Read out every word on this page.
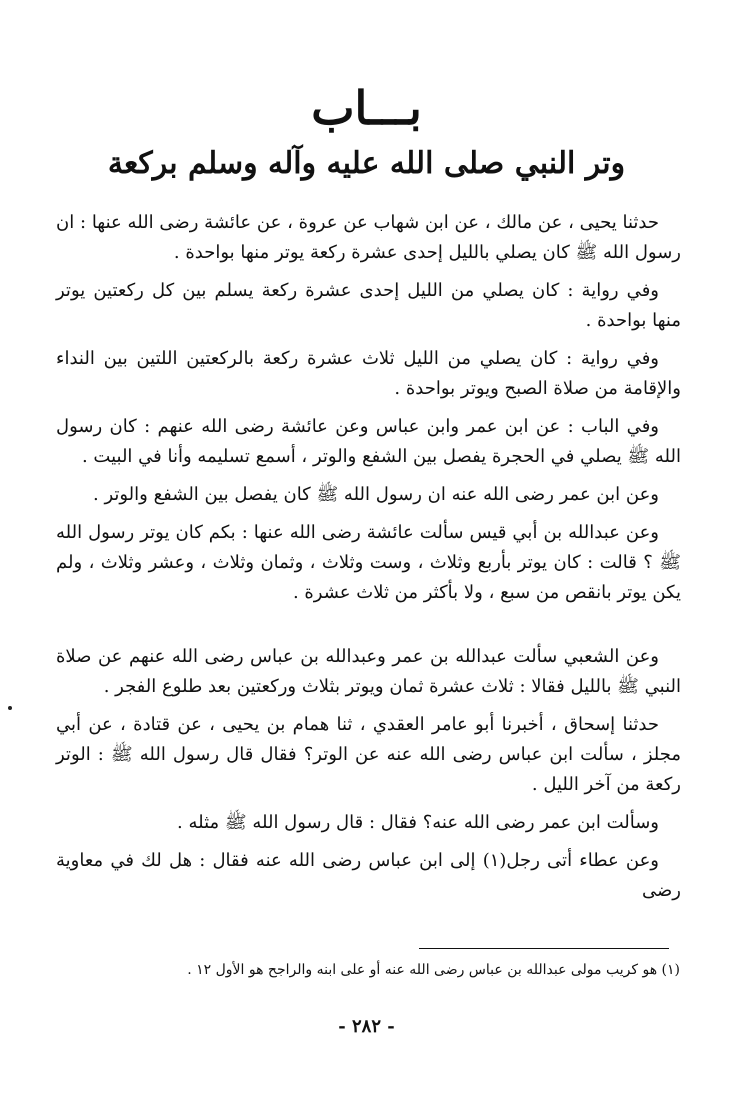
بـــاب
وتر النبي صلى الله عليه وآله وسلم بركعة

حدثنا يحيى ، عن مالك ، عن ابن شهاب عن عروة ، عن عائشة رضى الله عنها : ان رسول الله ﷺ كان يصلي بالليل إحدى عشرة ركعة يوتر منها بواحدة .

وفي رواية : كان يصلي من الليل إحدى عشرة ركعة يسلم بين كل ركعتين يوتر منها بواحدة .

وفي رواية : كان يصلي من الليل ثلاث عشرة ركعة بالركعتين اللتين بين النداء والإقامة من صلاة الصبح ويوتر بواحدة .

وفي الباب : عن ابن عمر وابن عباس وعن عائشة رضى الله عنهم : كان رسول الله ﷺ يصلي في الحجرة يفصل بين الشفع والوتر ، أسمع تسليمه وأنا في البيت .

وعن ابن عمر رضى الله عنه ان رسول الله ﷺ كان يفصل بين الشفع والوتر .

وعن عبدالله بن أبي قيس سألت عائشة رضى الله عنها : بكم كان يوتر رسول الله ﷺ ؟ قالت : كان يوتر بأربع وثلاث ، وست وثلاث ، وثمان وثلاث ، وعشر وثلاث ، ولم يكن يوتر بانقص من سبع ، ولا بأكثر من ثلاث عشرة .

وعن الشعبي سألت عبدالله بن عمر وعبدالله بن عباس رضى الله عنهم عن صلاة النبي ﷺ بالليل فقالا : ثلاث عشرة ثمان ويوتر بثلاث وركعتين بعد طلوع الفجر .

حدثنا إسحاق ، أخبرنا أبو عامر العقدي ، ثنا همام بن يحيى ، عن قتادة ، عن أبي مجلز ، سألت ابن عباس رضى الله عنه عن الوتر؟ فقال قال رسول الله ﷺ : الوتر ركعة من آخر الليل .

وسألت ابن عمر رضى الله عنه؟ فقال : قال رسول الله ﷺ مثله .

وعن عطاء أتى رجل(١) إلى ابن عباس رضى الله عنه فقال : هل لك في معاوية رضى

(١) هو كريب مولى عبدالله بن عباس رضى الله عنه أو على ابنه والراجح هو الأول ١٢ .
- ٢٨٢ -
